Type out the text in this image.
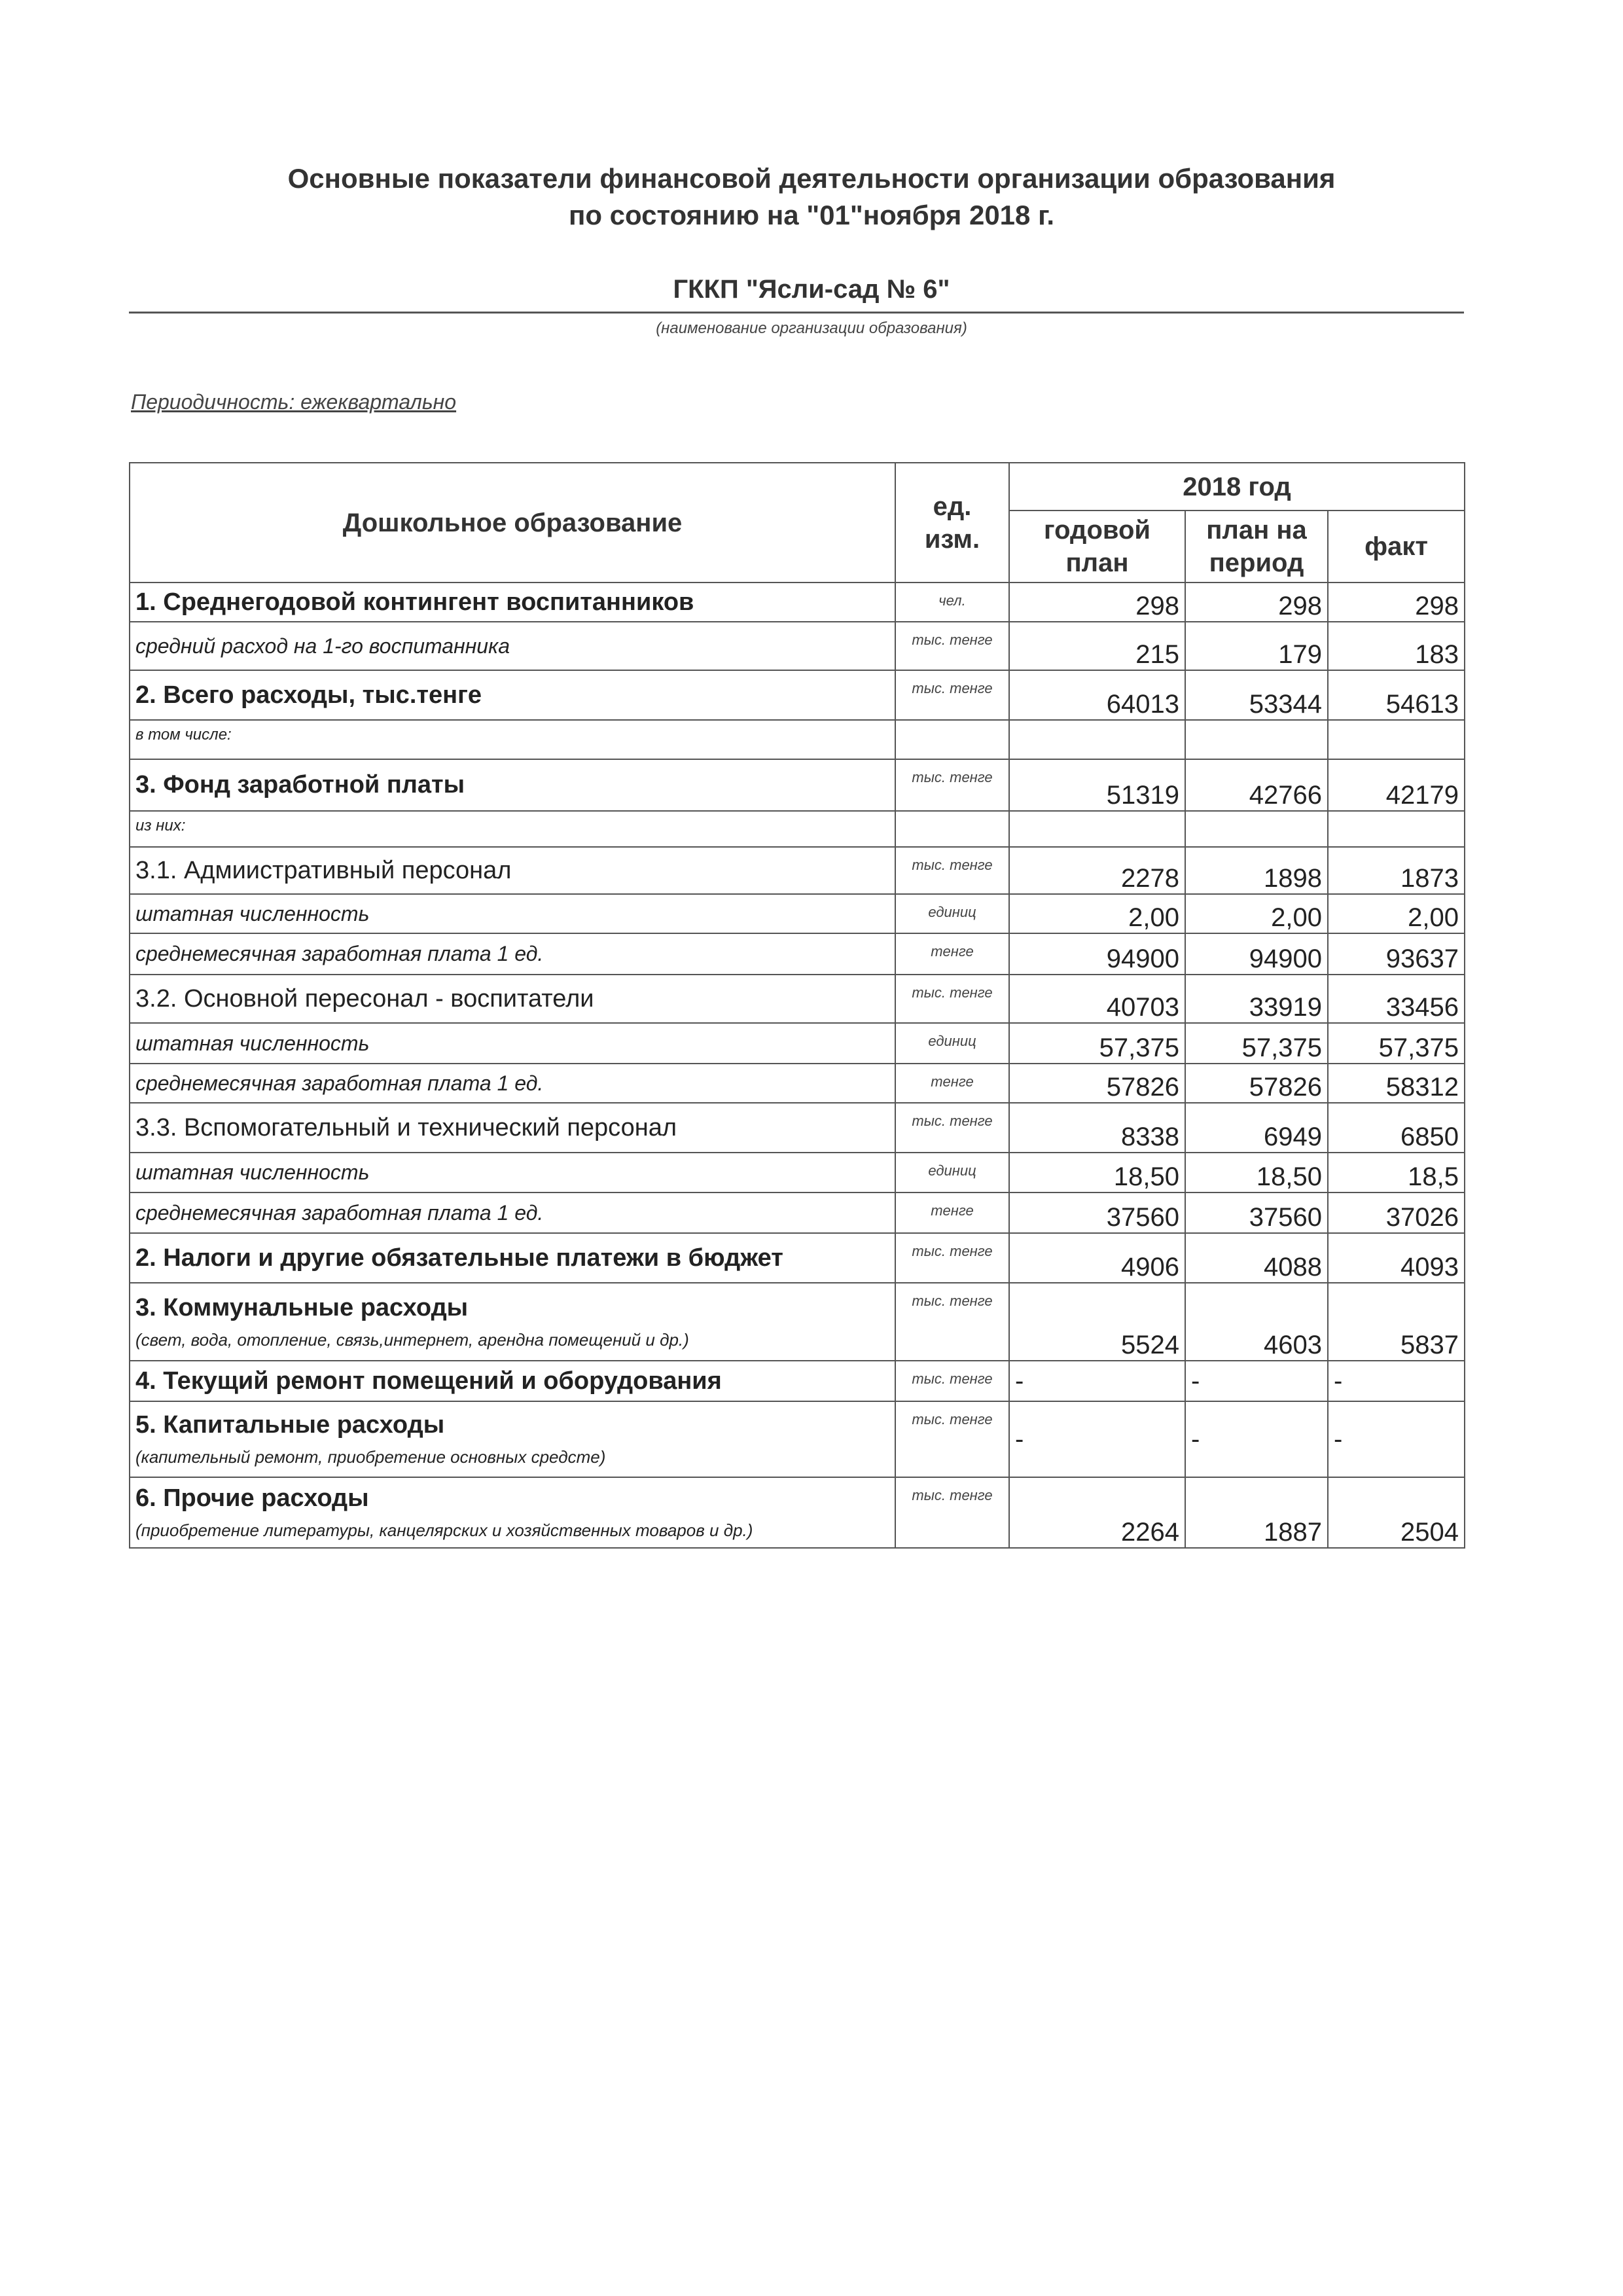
Основные показатели финансовой деятельности организации образования
по состоянию на "01"ноября 2018 г.
ГККП "Ясли-сад № 6"
(наименование организации образования)
Периодичность: ежеквартально
Дошкольное образование	ед. изм.	2018 год		
		годовой план	план на период	факт
1. Среднегодовой контингент воспитанников	чел.	298	298	298
средний расход на 1-го воспитанника	тыс. тенге	215	179	183
2. Всего расходы, тыс.тенге	тыс. тенге	64013	53344	54613
в том числе:				
3. Фонд заработной платы	тыс. тенге	51319	42766	42179
из них:				
3.1. Адмиистративный персонал	тыс. тенге	2278	1898	1873
штатная численность	единиц	2,00	2,00	2,00
среднемесячная заработная плата 1 ед.	тенге	94900	94900	93637
3.2. Основной пересонал - воспитатели	тыс. тенге	40703	33919	33456
штатная численность	единиц	57,375	57,375	57,375
среднемесячная заработная плата 1 ед.	тенге	57826	57826	58312
3.3. Вспомогательный и технический персонал	тыс. тенге	8338	6949	6850
штатная численность	единиц	18,50	18,50	18,5
среднемесячная заработная плата 1 ед.	тенге	37560	37560	37026
2. Налоги и другие обязательные платежи в бюджет	тыс. тенге	4906	4088	4093
3. Коммунальные расходы
(свет, вода, отопление, связь,интернет, арендна помещений и др.)	тыс. тенге	5524	4603	5837
4. Текущий ремонт помещений и оборудования	тыс. тенге	-	-	-
5. Капитальные расходы
(капительный ремонт, приобретение основных средстe)	тыс. тенге	-	-	-
6. Прочие расходы
(приобретение литературы, канцелярских и хозяйственных товаров и др.)	тыс. тенге	2264	1887	2504
